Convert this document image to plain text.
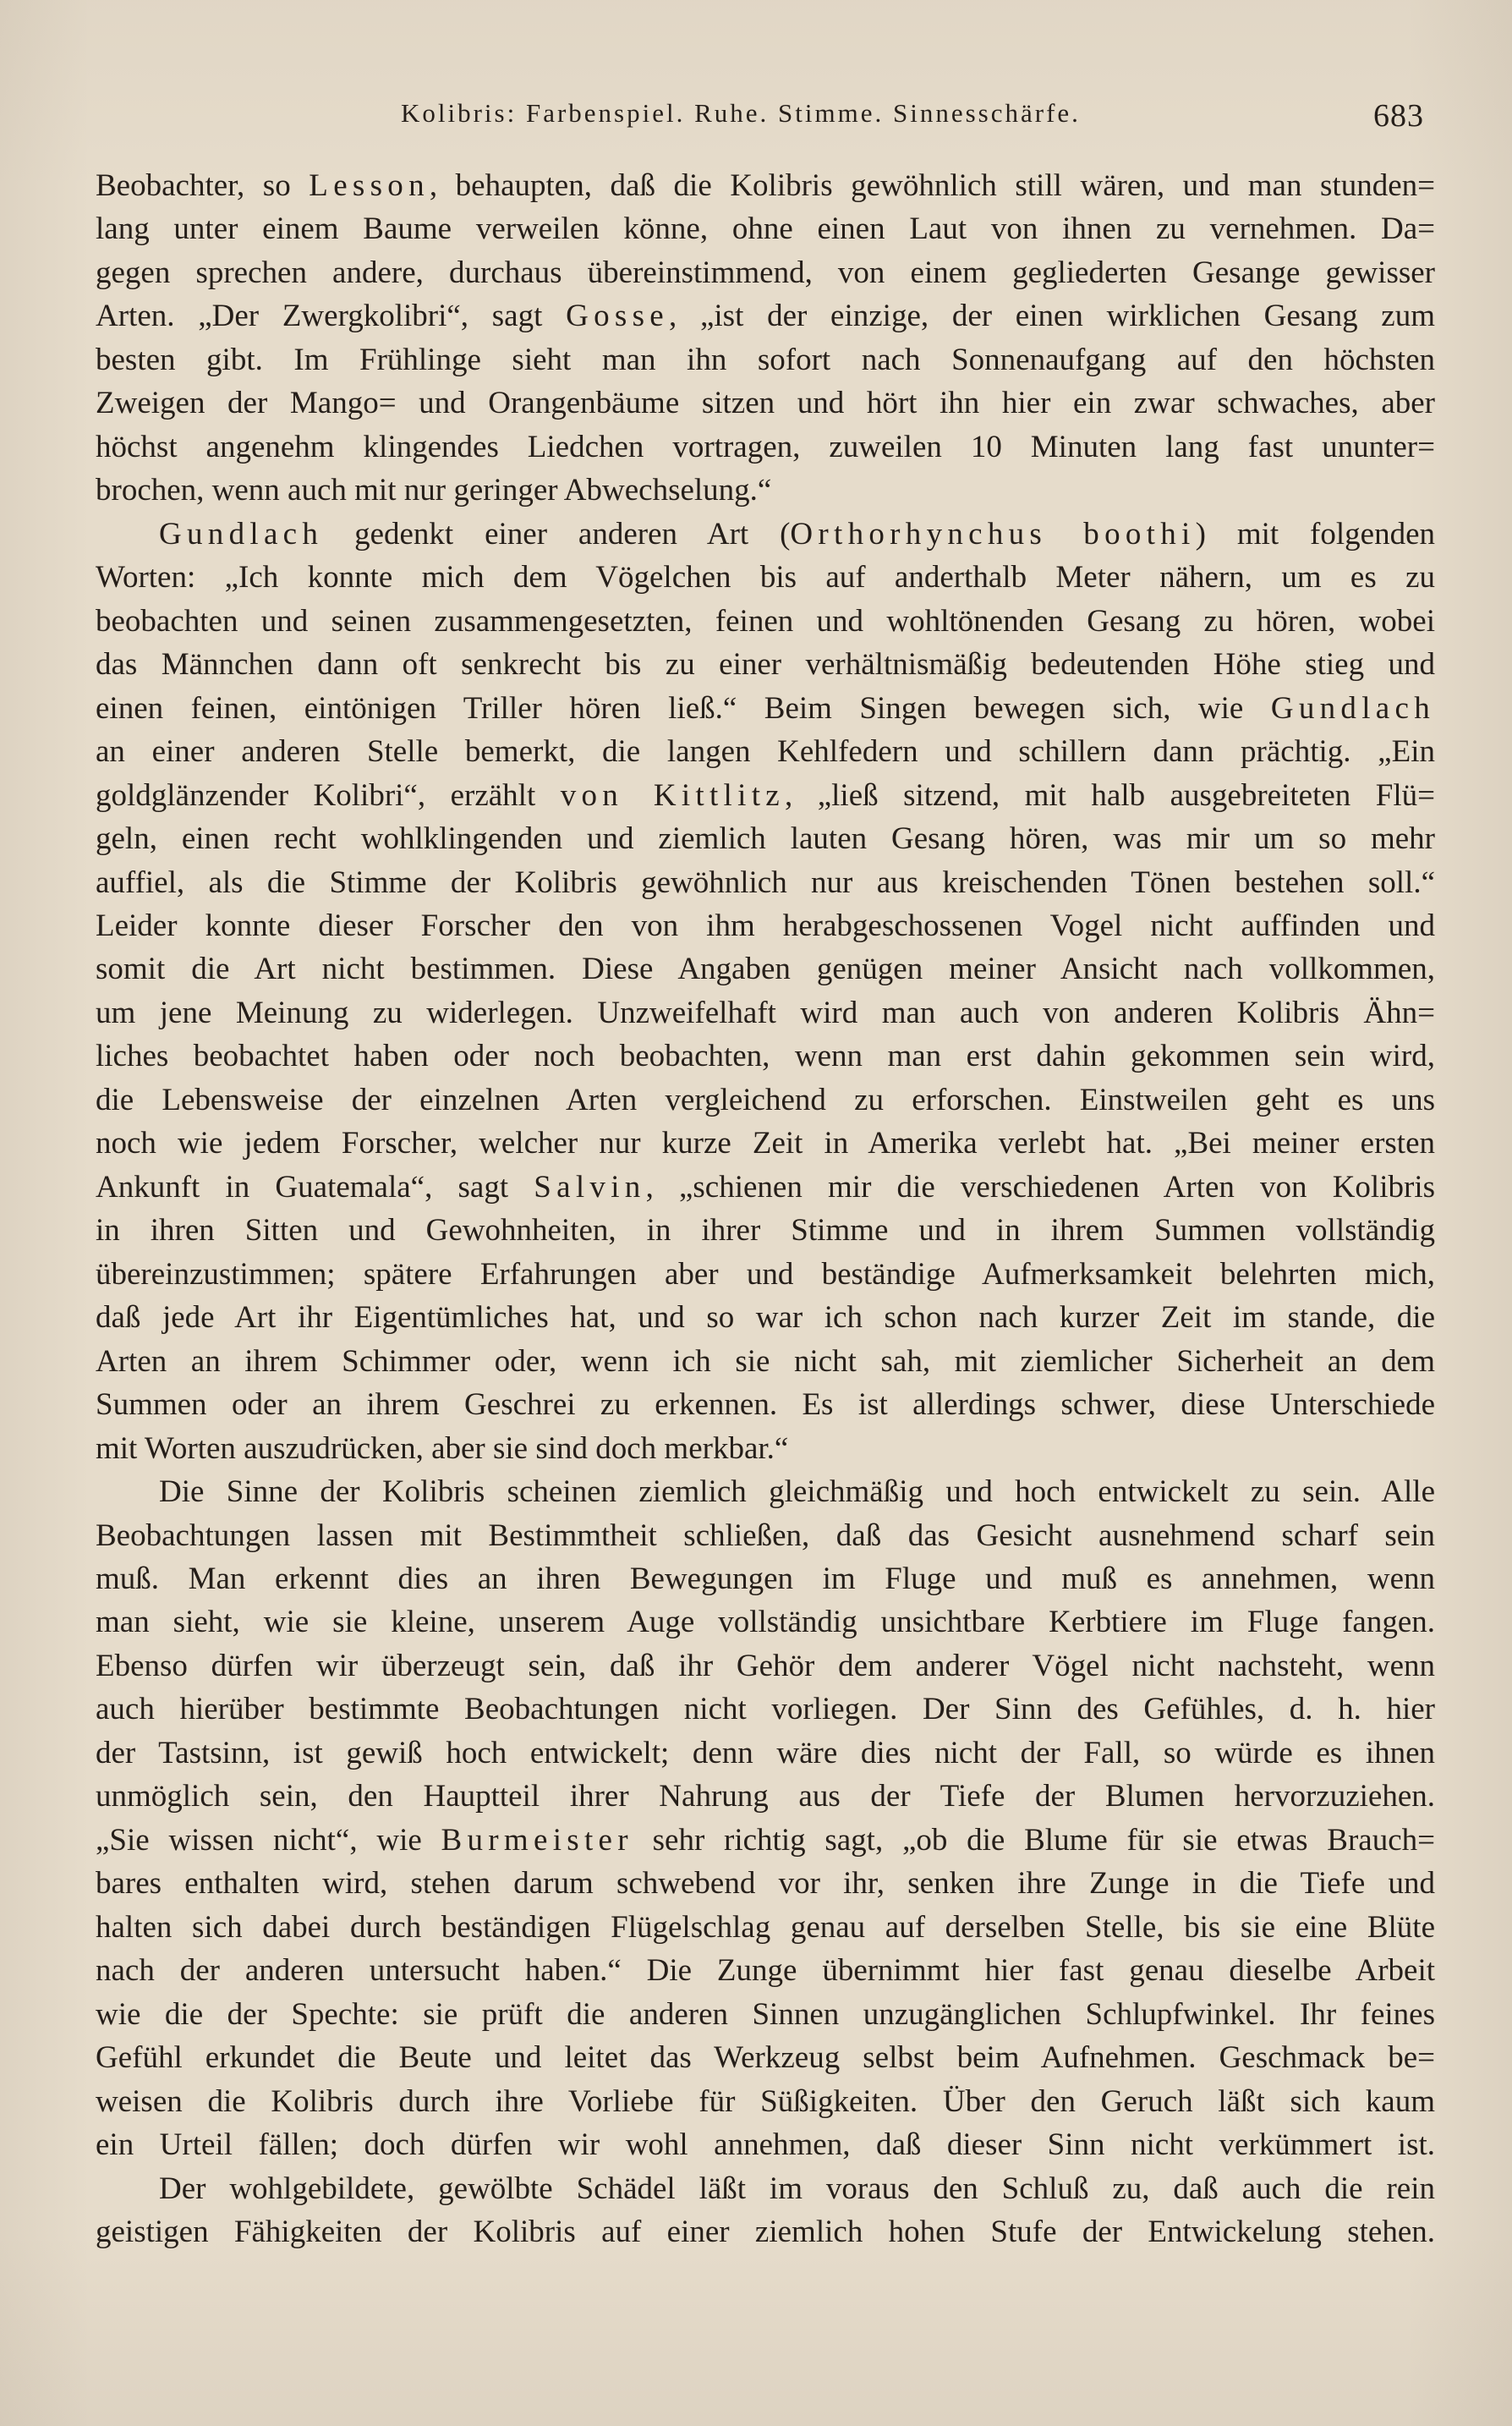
Kolibris: Farbenspiel. Ruhe. Stimme. Sinnesschärfe.	683
Beobachter, so Lesson, behaupten, daß die Kolibris gewöhnlich still wären, und man stunden=
lang unter einem Baume verweilen könne, ohne einen Laut von ihnen zu vernehmen. Da=
gegen sprechen andere, durchaus übereinstimmend, von einem gegliederten Gesange gewisser
Arten. „Der Zwergkolibri“, sagt Gosse, „ist der einzige, der einen wirklichen Gesang zum
besten gibt. Im Frühlinge sieht man ihn sofort nach Sonnenaufgang auf den höchsten
Zweigen der Mango= und Orangenbäume sitzen und hört ihn hier ein zwar schwaches, aber
höchst angenehm klingendes Liedchen vortragen, zuweilen 10 Minuten lang fast ununter=
brochen, wenn auch mit nur geringer Abwechselung.“
Gundlach gedenkt einer anderen Art (Orthorhynchus boothi) mit folgenden
Worten: „Ich konnte mich dem Vögelchen bis auf anderthalb Meter nähern, um es zu
beobachten und seinen zusammengesetzten, feinen und wohltönenden Gesang zu hören, wobei
das Männchen dann oft senkrecht bis zu einer verhältnismäßig bedeutenden Höhe stieg und
einen feinen, eintönigen Triller hören ließ.“ Beim Singen bewegen sich, wie Gundlach
an einer anderen Stelle bemerkt, die langen Kehlfedern und schillern dann prächtig. „Ein
goldglänzender Kolibri“, erzählt von Kittlitz, „ließ sitzend, mit halb ausgebreiteten Flü=
geln, einen recht wohlklingenden und ziemlich lauten Gesang hören, was mir um so mehr
auffiel, als die Stimme der Kolibris gewöhnlich nur aus kreischenden Tönen bestehen soll.“
Leider konnte dieser Forscher den von ihm herabgeschossenen Vogel nicht auffinden und
somit die Art nicht bestimmen. Diese Angaben genügen meiner Ansicht nach vollkommen,
um jene Meinung zu widerlegen. Unzweifelhaft wird man auch von anderen Kolibris Ähn=
liches beobachtet haben oder noch beobachten, wenn man erst dahin gekommen sein wird,
die Lebensweise der einzelnen Arten vergleichend zu erforschen. Einstweilen geht es uns
noch wie jedem Forscher, welcher nur kurze Zeit in Amerika verlebt hat. „Bei meiner ersten
Ankunft in Guatemala“, sagt Salvin, „schienen mir die verschiedenen Arten von Kolibris
in ihren Sitten und Gewohnheiten, in ihrer Stimme und in ihrem Summen vollständig
übereinzustimmen; spätere Erfahrungen aber und beständige Aufmerksamkeit belehrten mich,
daß jede Art ihr Eigentümliches hat, und so war ich schon nach kurzer Zeit im stande, die
Arten an ihrem Schimmer oder, wenn ich sie nicht sah, mit ziemlicher Sicherheit an dem
Summen oder an ihrem Geschrei zu erkennen. Es ist allerdings schwer, diese Unterschiede
mit Worten auszudrücken, aber sie sind doch merkbar.“
Die Sinne der Kolibris scheinen ziemlich gleichmäßig und hoch entwickelt zu sein. Alle
Beobachtungen lassen mit Bestimmtheit schließen, daß das Gesicht ausnehmend scharf sein
muß. Man erkennt dies an ihren Bewegungen im Fluge und muß es annehmen, wenn
man sieht, wie sie kleine, unserem Auge vollständig unsichtbare Kerbtiere im Fluge fangen.
Ebenso dürfen wir überzeugt sein, daß ihr Gehör dem anderer Vögel nicht nachsteht, wenn
auch hierüber bestimmte Beobachtungen nicht vorliegen. Der Sinn des Gefühles, d. h. hier
der Tastsinn, ist gewiß hoch entwickelt; denn wäre dies nicht der Fall, so würde es ihnen
unmöglich sein, den Hauptteil ihrer Nahrung aus der Tiefe der Blumen hervorzuziehen.
„Sie wissen nicht“, wie Burmeister sehr richtig sagt, „ob die Blume für sie etwas Brauch=
bares enthalten wird, stehen darum schwebend vor ihr, senken ihre Zunge in die Tiefe und
halten sich dabei durch beständigen Flügelschlag genau auf derselben Stelle, bis sie eine Blüte
nach der anderen untersucht haben.“ Die Zunge übernimmt hier fast genau dieselbe Arbeit
wie die der Spechte: sie prüft die anderen Sinnen unzugänglichen Schlupfwinkel. Ihr feines
Gefühl erkundet die Beute und leitet das Werkzeug selbst beim Aufnehmen. Geschmack be=
weisen die Kolibris durch ihre Vorliebe für Süßigkeiten. Über den Geruch läßt sich kaum
ein Urteil fällen; doch dürfen wir wohl annehmen, daß dieser Sinn nicht verkümmert ist.
Der wohlgebildete, gewölbte Schädel läßt im voraus den Schluß zu, daß auch die rein
geistigen Fähigkeiten der Kolibris auf einer ziemlich hohen Stufe der Entwickelung stehen.
